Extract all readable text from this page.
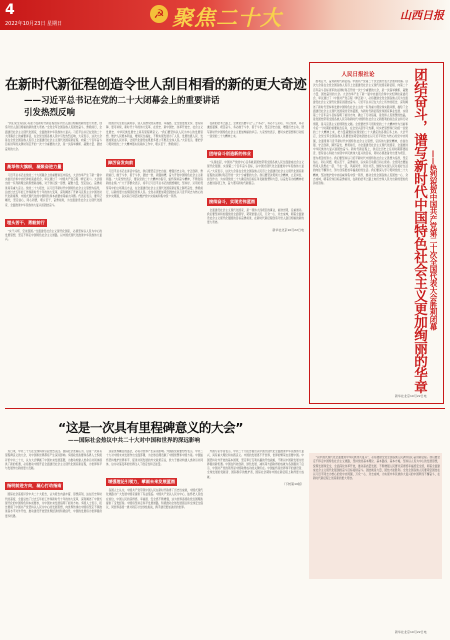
4
2022年10月23日 星期日
☭ 聚焦二十大	山西日报
在新时代新征程创造令世人刮目相看的新的更大奇迹
——习近平总书记在党的二十大闭幕会上的重要讲话
引发热烈反响
　“我们完全有信心有能力在新时代新征程创造令世人刮目相看的新的更大奇迹，创造令世人刮目相看的新的更大奇迹。”全党全军全国各族人民团结奋斗，勇毅前行，全面建设社会主义现代化国家，全面推进中华民族伟大复兴。习近平总书记在党的二十大闭幕会上的重要讲话，在全党全国各族人民中引发热烈反响，大家表示，这次大会是在全党全国各族人民迈上全面建设社会主义现代化国家新征程、向第二个百年奋斗目标进军的关键时刻召开的一次十分重要的大会，是一次高举旗帜、凝聚力量、团结奋进的大会。
高举伟大旗帜，凝聚奋进力量
　习近平总书记在党的二十大闭幕会上的重要讲话中指出，大会选举产生了新一届中央委员会和中央纪律检查委员会，审议通过了《中国共产党章程（修正案）》。大会提出的一系列新理念新思想新战略，对于我们统一思想、凝聚力量，坚定信心，奋勇前进具有重大意义。党的二十大报告，以习近平新时代中国特色社会主义思想为指导，总结过去五年的工作和新时代十年的伟大变革，深刻阐述了开辟马克思主义中国化时代化新境界、中国式现代化的中国特色和本质要求等重大问题。代表们表示，要牢记嘱托，坚定信心，同心同德，埋头苦干，奋勇前进，为全面建设社会主义现代化国家、全面推进中华民族伟大复兴而团结奋斗。
埋头苦干、勇毅前行
　“实干兴邦，空谈误国。”全面建设社会主义现代化国家，必须坚持以人民为中心的发展思想，坚定不移走中国特色社会主义道路，以中国式现代化推进中华民族伟大复兴。
　的国计民生的点滴进步，到人民群众的获得感、幸福感、安全感更加充实、更有保障、更可持续，新时代十年的伟大变革，在党史、新中国史、改革开放史、社会主义发展史、中华民族发展史上具有里程碑意义。“我们要坚持以人民为中心的发展思想，维护人民根本利益，增进民生福祉，不断实现发展为了人民、发展依靠人民、发展成果由人民共享，让现代化建设成果更多更公平惠及全体人民。”大家表示，要把学习贯彻党的二十大精神落实到具体工作中，埋头苦干、勇毅前行。
踔厉奋发向前
　习近平总书记在讲话中指出，我们要坚定历史自信、增强历史主动，守正创新、勇毅前行，敢于斗争、善于斗争，团结一致、顽强拼搏，奋力开创中国特色社会主义新局面。“大家纷纷表示，要以党的二十大精神为指引，始终保持奋斗精神，不断创造新的业绩。”广大干部群众表示，将牢记习近平总书记的殷殷嘱托，坚持好、运用好贯穿其中的立场观点方法，在全面建设社会主义现代化国家新征程上踔厉奋发、勇毅前行，以新的更大成绩回报党和人民。全党必须更加紧密团结在以习近平同志为核心的党中央周围，以实际行动坚决维护党中央权威和集中统一领导。
　在新的赶考之路上，全体党员要牢记“三个务必”，务必不忘初心、牢记使命，务必谦虚谨慎、艰苦奋斗，务必敢于斗争、善于斗争，坚定历史自信，增强历史主动，谱写新时代中国特色社会主义更加绚丽的华章。大家纷纷表示，要切实把思想和行动统一到党的二十大精神上来。
团结奋斗创造新的伟业
　“从现在起，中国共产党的中心任务就是团结带领全国各族人民全面建成社会主义现代化强国、实现第二个百年奋斗目标，以中国式现代化全面推进中华民族伟大复兴。”大家表示，这次大会是在全党全国各族人民迈上全面建设社会主义现代化国家新征程的关键时刻召开的一次十分重要的大会。我们要坚决贯彻大会精神，立足岗位、担当作为，为实现党的二十大确定的目标任务贡献智慧和力量，以奋发有为的精神状态推进各项工作，奋力谱写新时代新篇章。
接续奋斗，实现宏伟蓝图
　全面建设社会主义现代化国家，是一项伟大而艰巨的事业，前途光明，任重道远。我们要坚持和加强党的全面领导，紧紧依靠人民，万众一心、众志成城，朝着全面建设社会主义现代化强国的目标奋勇前进，在新时代新征程创造令世人刮目相看的新的更大奇迹。
新华社北京10月22日电
人民日报社论
　胜利召开，奋进新时代新征程。中国共产党第二十次全国代表大会胜利闭幕。这次大会是在全党全国各族人民迈上全面建设社会主义现代化国家新征程、向第二个百年奋斗目标进军的关键时刻召开的一次十分重要的大会，是一次高举旗帜、凝聚力量、团结奋进的大会。大会选举产生了新一届中央委员会和中央纪律检查委员会，审议通过了《中国共产党章程（修正案）》，必将激励全党全国各族人民为全面建设社会主义现代化国家而团结奋斗。习近平总书记在大会上所作的报告，深刻阐述了新时代坚持和发展中国特色社会主义的一系列重大理论和实践问题，描绘了全面建设社会主义现代化国家的宏伟蓝图，为新时代新征程党和国家事业发展、实现第二个百年奋斗目标指明了前进方向、确立了行动指南，是党和人民智慧的结晶，是党团结带领全国各族人民夺取新时代中国特色社会主义新胜利的政治宣言和行动纲领，是马克思主义的纲领性文献。全党要把学习贯彻党的二十大精神作为当前和今后一个时期的首要政治任务，在全党兴起学习热潮，切实把思想和行动统一到党的二十大精神上来，把力量凝聚到实现党的二十大确定的各项任务上来。大会号召，全党全军全国各族人民要更加紧密地团结在以习近平同志为核心的党中央周围，全面贯彻习近平新时代中国特色社会主义思想，弘扬伟大建党精神，自信自强、守正创新，踔厉奋发、勇毅前行，为全面建设社会主义现代化国家、全面推进中华民族伟大复兴而团结奋斗。新时代新征程上，我们比历史上任何时期都更接近、更有信心和能力实现中华民族伟大复兴的目标，同时必须准备付出更为艰巨、更为艰苦的努力。我们要坚持以习近平新时代中国特色社会主义思想为指导，坚定信心、同心同德，埋头苦干、奋勇前进，以实际行动践行初心使命。全党同志要始终同人民想在一起、干在一起，风雨同舟、同甘共苦，继续为实现人民对美好生活的向往不懈努力，努力创造更加幸福美好的生活。我们要深入学习贯彻党的二十大精神，坚决维护党中央权威和集中统一领导，推动全党全国各族人民团结一心、众志成城，朝着宏伟目标奋勇前进，在新的赶考之路上向历史和人民交出新的更加优异的答卷。	团结奋斗，谱写新时代中国特色社会主义更加绚丽的华章 ——热烈祝贺中国共产党第二十次全国代表大会胜利闭幕
新华社北京10月22日电
“这是一次具有里程碑意义的大会”
——国际社会热议中共二十大对中国和世界的深远影响
　连日来，中共二十大在全球持续引起热烈关注。国际社会普遍认为，这是一次具有里程碑意义的大会，对中国和世界都将产生深远影响。多国政党政要和各界人士积极评价中共二十大，认为大会擘画了中国未来发展蓝图，为推动构建人类命运共同体提供了新的机遇，必将推动中国开启全面建设社会主义现代化国家新征程，为世界和平与发展作出新的更大贡献。
指明前进方向，凝心打动指南
　国际社会高度评价中共二十大报告，认为报告内涵丰富、思想深刻，站在历史和时代的高度，全面总结了过去五年的工作和新时代十年的伟大变革，深刻阐述了中国式现代化的中国特色和本质要求，为中国未来发展指明了前进方向。多国人士表示，报告展现了中国共产党坚持以人民为中心的发展思想，向世界传递出中国将坚定不移推进高水平对外开放、推动建设开放型世界经济的积极信号，中国的发展将为世界提供更多机遇。
　这是世界瞩目的盛会，必将对世界产生深远影响。外国政党政要纷纷表示，中共二十大对中国未来发展作出全面部署，为全球治理贡献了中国智慧和中国方案。中国始终坚持维护世界和平、促进共同发展的外交政策宗旨，致力于推动构建人类命运共同体，这为动荡变革的世界注入了稳定性和正能量。
增强理论引领力，擘画未来发展蓝图
　各国人士认为，中国共产党带领中国人民在新时代取得了历史性成就，中国式现代化道路为广大发展中国家提供了有益借鉴。中国共产党以人民为中心，始终把人民放在首位，中国人民的获得感、幸福感、安全感不断增强，这为世界各国政党治国理政提供了宝贵经验。中国将坚持走和平发展道路，积极推动全球发展倡议和全球安全倡议，同世界各国一道共同应对全球性挑战，携手建设更加美好的世界。
　外国专家学者表示，中共二十大报告提出以中国式现代化全面推进中华民族伟大复兴，具有重大理论和实践意义。中国的发展离不开世界，世界的繁荣也需要中国。中国坚持对外开放的基本国策，坚定奉行互利共赢的开放战略，不断以中国新发展为世界提供新机遇。中国在科技创新、绿色发展、减贫等方面取得的成就为各国提供了启示，中国共产党的领导是中国取得成功的关键所在。中国始终是世界和平的建设者、全球发展的贡献者、国际秩序的维护者，国际社会期待中国在新征程上取得更大成就。
（下转第10版）
　“以中国式现代化全面推进中华民族伟大复兴”，必将激励全党全国各族人民满怀信心奋进新征程。我们要坚定不移走中国特色社会主义道路，坚持党的基本理论、基本路线、基本方略，坚持以人民为中心的发展思想，统筹发展和安全，全面深化改革开放，推动高质量发展，不断增强人民群众获得感幸福感安全感，朝着全面建成社会主义现代化强国的奋斗目标接续奋斗。团结就是力量，团结才能胜利。全党全国各族人民要紧密团结在以习近平同志为核心的党中央周围，万众一心、众志成城，为实现中华民族伟大复兴的中国梦而不懈奋斗，在新时代新征程上创造新的更大奇迹。
新华社北京10月22日电
